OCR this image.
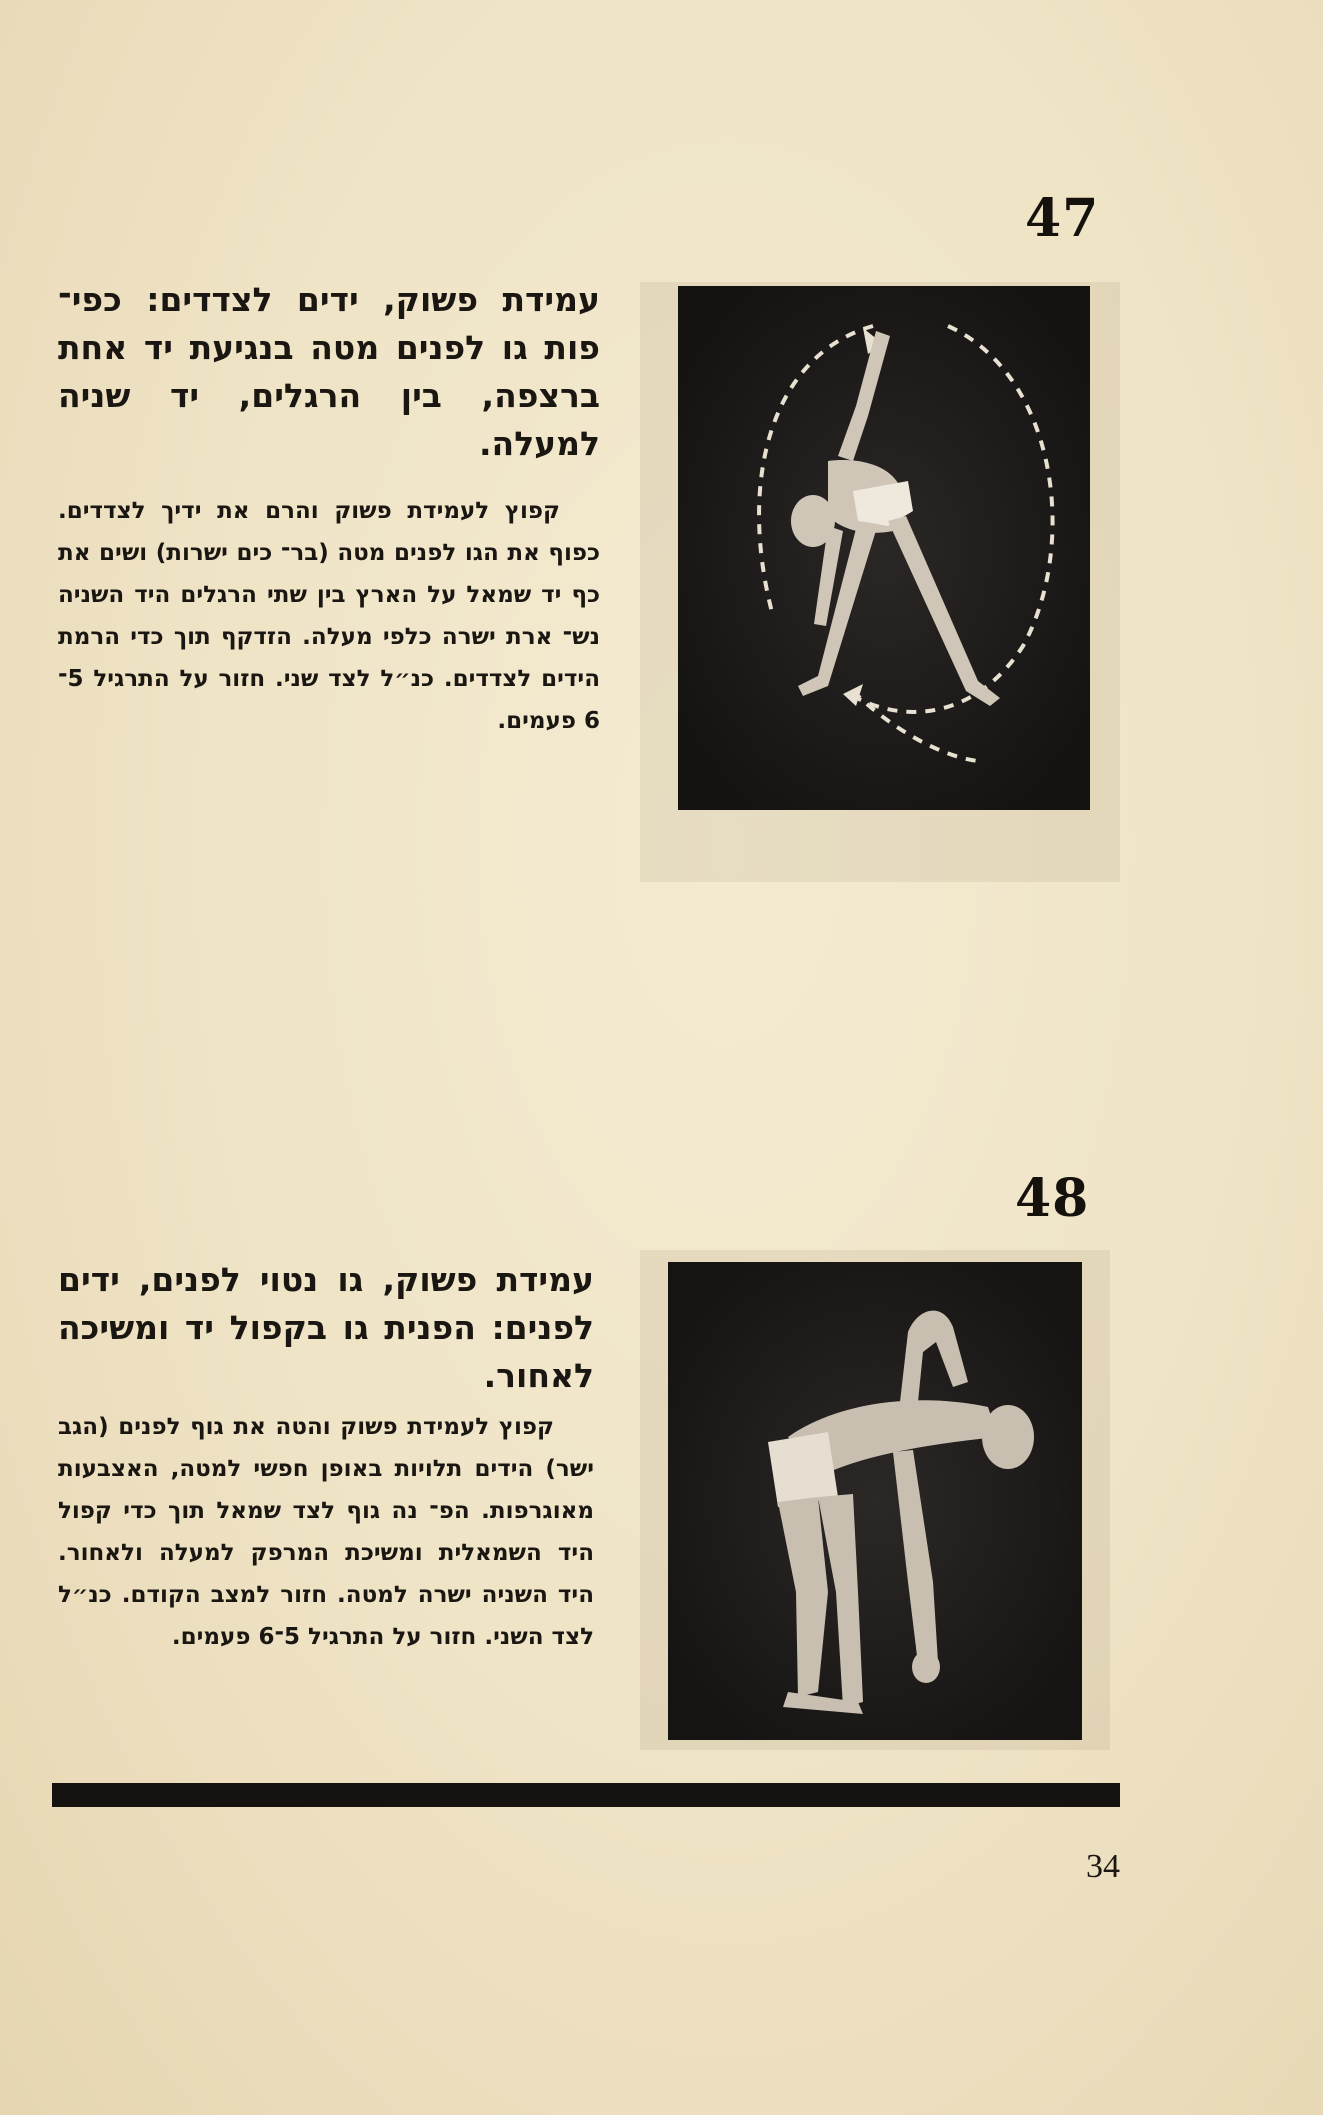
47

עמידת פשוק, ידים לצדדים: כפי־ פות גו לפנים מטה בנגיעת יד אחת ברצפה, בין הרגלים, יד שניה למעלה.

קפוץ לעמידת פשוק והרם את ידיך לצדדים. כפוף את הגו לפנים מטה (בר־ כים ישרות) ושים את כף יד שמאל על הארץ בין שתי הרגלים היד השניה נש־ ארת ישרה כלפי מעלה. הזדקף תוך כדי הרמת הידים לצדדים. כנ״ל לצד שני. חזור על התרגיל 5־6 פעמים.

48

עמידת פשוק, גו נטוי לפנים, ידים לפנים: הפנית גו בקפול יד ומשיכה לאחור.

קפוץ לעמידת פשוק והטה את גוף לפנים (הגב ישר) הידים תלויות באופן חפשי למטה, האצבעות מאוגרפות. הפ־ נה גוף לצד שמאל תוך כדי קפול היד השמאלית ומשיכת המרפק למעלה ולאחור. היד השניה ישרה למטה. חזור למצב הקודם. כנ״ל לצד השני. חזור על התרגיל 5־6 פעמים.

34
